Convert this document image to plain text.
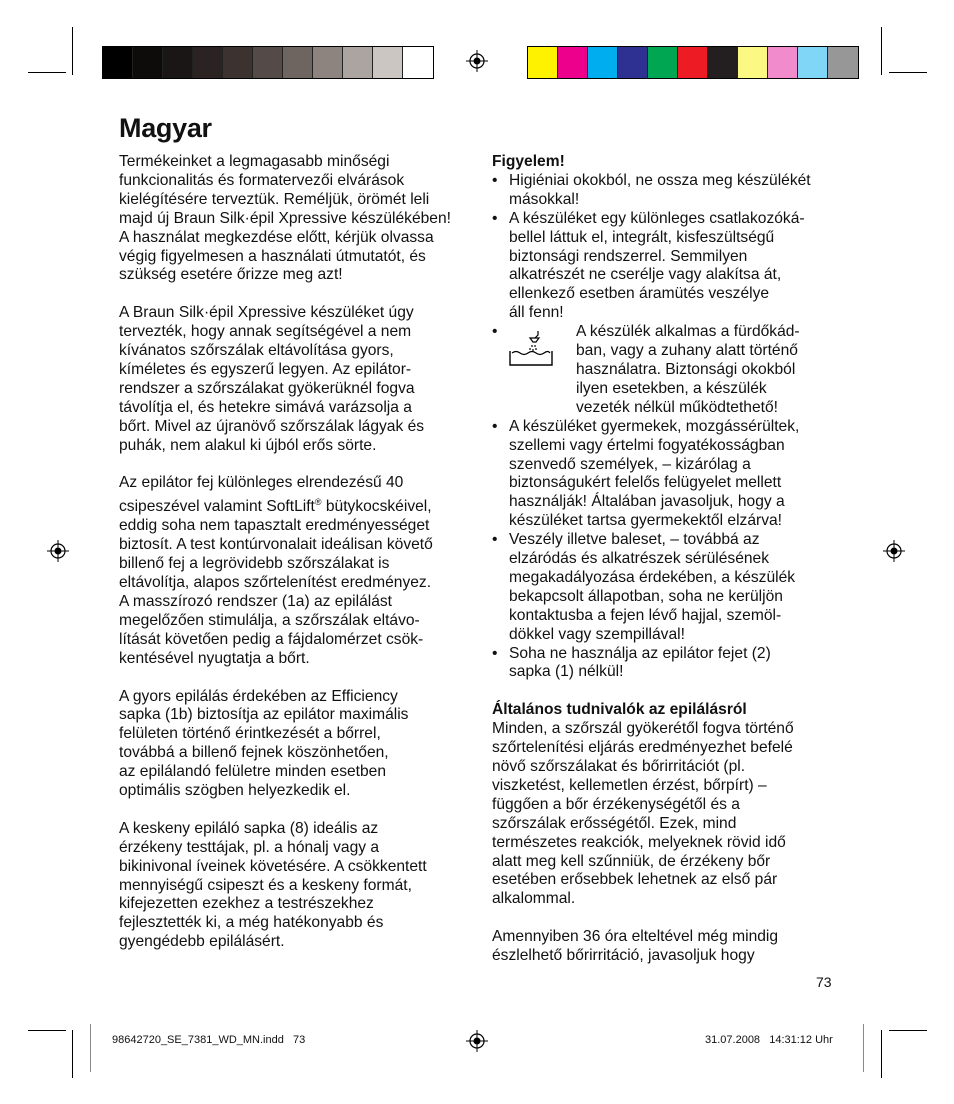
Magyar

Termékeinket a legmagasabb minőségi
funkcionalitás és formatervezői elvárások
kielégítésére terveztük. Reméljük, örömét leli
majd új Braun Silk·épil Xpressive készülékében!
A használat megkezdése előtt, kérjük olvassa
végig figyelmesen a használati útmutatót, és
szükség esetére őrizze meg azt!

A Braun Silk·épil Xpressive készüléket úgy
tervezték, hogy annak segítségével a nem
kívánatos szőrszálak eltávolítása gyors,
kíméletes és egyszerű legyen. Az epilátor-
rendszer a szőrszálakat gyökerüknél fogva
távolítja el, és hetekre simává varázsolja a
bőrt. Mivel az újranövő szőrszálak lágyak és
puhák, nem alakul ki újból erős sörte.

Az epilátor fej különleges elrendezésű 40
csipeszével valamint SoftLift® bütykocskéivel,
eddig soha nem tapasztalt eredményességet
biztosít. A test kontúrvonalait ideálisan követő
billenő fej a legrövidebb szőrszálakat is
eltávolítja, alapos szőrtelenítést eredményez.
A masszírozó rendszer (1a) az epilálást
megelőzően stimulálja, a szőrszálak eltávo-
lítását követően pedig a fájdalomérzet csök-
kentésével nyugtatja a bőrt.

A gyors epilálás érdekében az Efficiency
sapka (1b) biztosítja az epilátor maximális
felületen történő érintkezését a bőrrel,
továbbá a billenő fejnek köszönhetően,
az epilálandó felületre minden esetben
optimális szögben helyezkedik el.

A keskeny epiláló sapka (8) ideális az
érzékeny testtájak, pl. a hónalj vagy a
bikinivonal íveinek követésére. A csökkentett
mennyiségű csipeszt és a keskeny formát,
kifejezetten ezekhez a testrészekhez
fejlesztették ki, a még hatékonyabb és
gyengédebb epilálásért.

Figyelem!
• Higiéniai okokból, ne ossza meg készülékét
másokkal!
• A készüléket egy különleges csatlakozóká-
bellel láttuk el, integrált, kisfeszültségű
biztonsági rendszerrel. Semmilyen
alkatrészét ne cserélje vagy alakítsa át,
ellenkező esetben áramütés veszélye
áll fenn!
•	A készülék alkalmas a fürdőkád-
ban, vagy a zuhany alatt történő
használatra. Biztonsági okokból
ilyen esetekben, a készülék
vezeték nélkül működtethető!
• A készüléket gyermekek, mozgássérültek,
szellemi vagy értelmi fogyatékosságban
szenvedő személyek, – kizárólag a
biztonságukért felelős felügyelet mellett
használják! Általában javasoljuk, hogy a
készüléket tartsa gyermekektől elzárva!
• Veszély illetve baleset, – továbbá az
elzáródás és alkatrészek sérülésének
megakadályozása érdekében, a készülék
bekapcsolt állapotban, soha ne kerüljön
kontaktusba a fejen lévő hajjal, szemöl-
dökkel vagy szempillával!
• Soha ne használja az epilátor fejet (2)
sapka (1) nélkül!
Általános tudnivalók az epilálásról

Minden, a szőrszál gyökerétől fogva történő
szőrtelenítési eljárás eredményezhet befelé
növő szőrszálakat és bőrirritációt (pl.
viszketést, kellemetlen érzést, bőrpírt) –
függően a bőr érzékenységétől és a
szőrszálak erősségétől. Ezek, mind
természetes reakciók, melyeknek rövid idő
alatt meg kell szűnniük, de érzékeny bőr
esetében erősebbek lehetnek az első pár
alkalommal.

Amennyiben 36 óra elteltével még mindig
észlelhető bőrirritáció, javasoljuk hogy

73
98642720_SE_7381_WD_MN.indd   73	31.07.2008   14:31:12 Uhr
